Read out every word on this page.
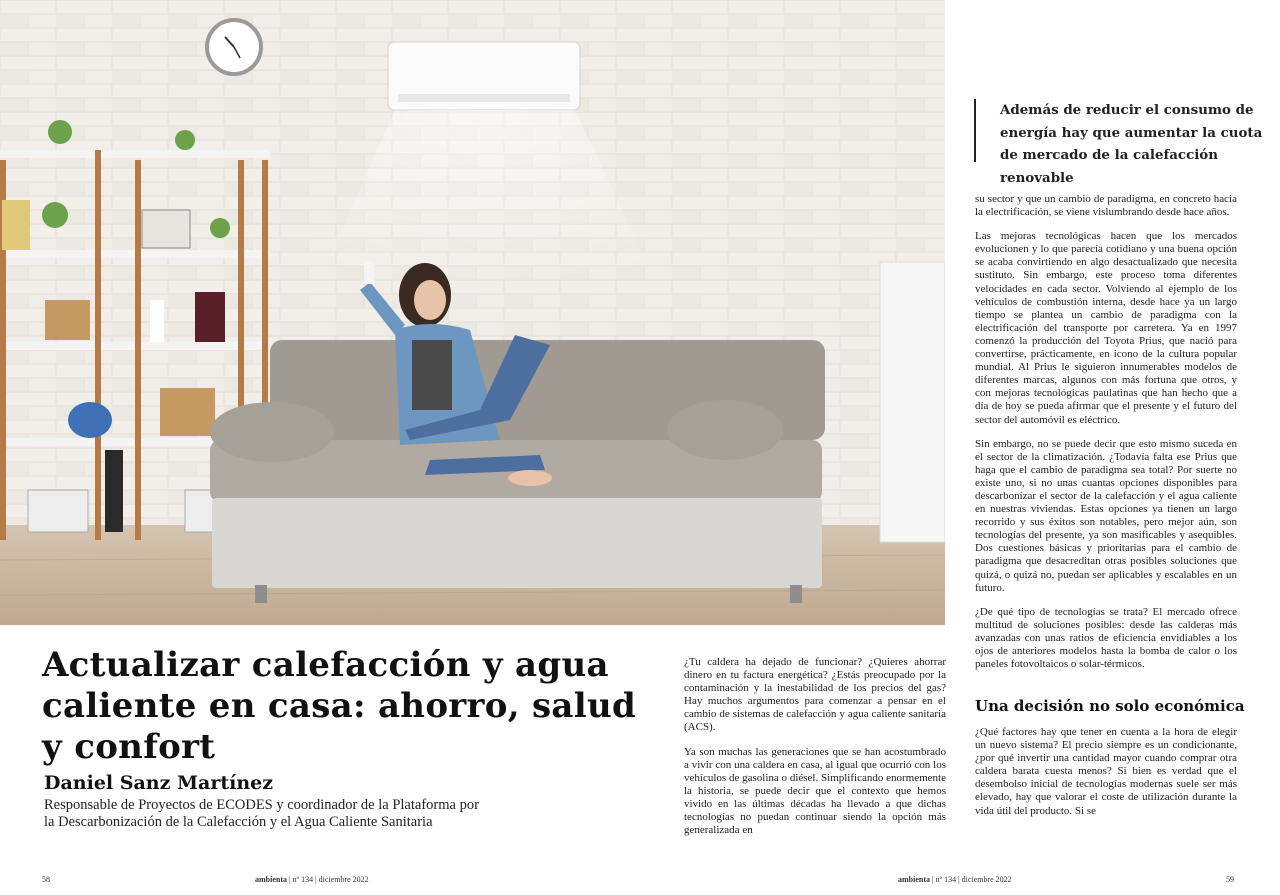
Actualizar calefacción y agua caliente en casa: ahorro, salud y confort

Daniel Sanz Martínez

Responsable de Proyectos de ECODES y coordinador de la Plataforma por la Descarbonización de la Calefacción y el Agua Caliente Sanitaria

¿Tu caldera ha dejado de funcionar? ¿Quieres ahorrar dinero en tu factura energética? ¿Estás preocupado por la contaminación y la inestabilidad de los precios del gas? Hay muchos argumentos para comenzar a pensar en el cambio de sistemas de calefacción y agua caliente sanitaria (ACS).

Ya son muchas las generaciones que se han acostumbrado a vivir con una caldera en casa, al igual que ocurrió con los vehículos de gasolina o diésel. Simplificando enormemente la historia, se puede decir que el contexto que hemos vivido en las últimas décadas ha llevado a que dichas tecnologías no puedan continuar siendo la opción más generalizada en

Además de reducir el consumo de energía hay que aumentar la cuota de mercado de la calefacción renovable

su sector y que un cambio de paradigma, en concreto hacia la electrificación, se viene vislumbrando desde hace años.

Las mejoras tecnológicas hacen que los mercados evolucionen y lo que parecía cotidiano y una buena opción se acaba convirtiendo en algo desactualizado que necesita sustituto. Sin embargo, este proceso toma diferentes velocidades en cada sector. Volviendo al ejemplo de los vehículos de combustión interna, desde hace ya un largo tiempo se plantea un cambio de paradigma con la electrificación del transporte por carretera. Ya en 1997 comenzó la producción del Toyota Prius, que nació para convertirse, prácticamente, en icono de la cultura popular mundial. Al Prius le siguieron innumerables modelos de diferentes marcas, algunos con más fortuna que otros, y con mejoras tecnológicas paulatinas que han hecho que a día de hoy se pueda afirmar que el presente y el futuro del sector del automóvil es eléctrico.

Sin embargo, no se puede decir que esto mismo suceda en el sector de la climatización. ¿Todavía falta ese Prius que haga que el cambio de paradigma sea total? Por suerte no existe uno, si no unas cuantas opciones disponibles para descarbonizar el sector de la calefacción y el agua caliente en nuestras viviendas. Estas opciones ya tienen un largo recorrido y sus éxitos son notables, pero mejor aún, son tecnologías del presente, ya son masificables y asequibles. Dos cuestiones básicas y prioritarias para el cambio de paradigma que desacreditan otras posibles soluciones que quizá, o quizá no, puedan ser aplicables y escalables en un futuro.

¿De qué tipo de tecnologías se trata? El mercado ofrece multitud de soluciones posibles: desde las calderas más avanzadas con unas ratios de eficiencia envidiables a los ojos de anteriores modelos hasta la bomba de calor o los paneles fotovoltaicos o solar-térmicos.

Una decisión no solo económica

¿Qué factores hay que tener en cuenta a la hora de elegir un nuevo sistema? El precio siempre es un condicionante, ¿por qué invertir una cantidad mayor cuando comprar otra caldera barata cuesta menos? Si bien es verdad que el desembolso inicial de tecnologías modernas suele ser más elevado, hay que valorar el coste de utilización durante la vida útil del producto. Si se

58	ambienta | nº 134 | diciembre 2022	ambienta | nº 134 | diciembre 2022	59
